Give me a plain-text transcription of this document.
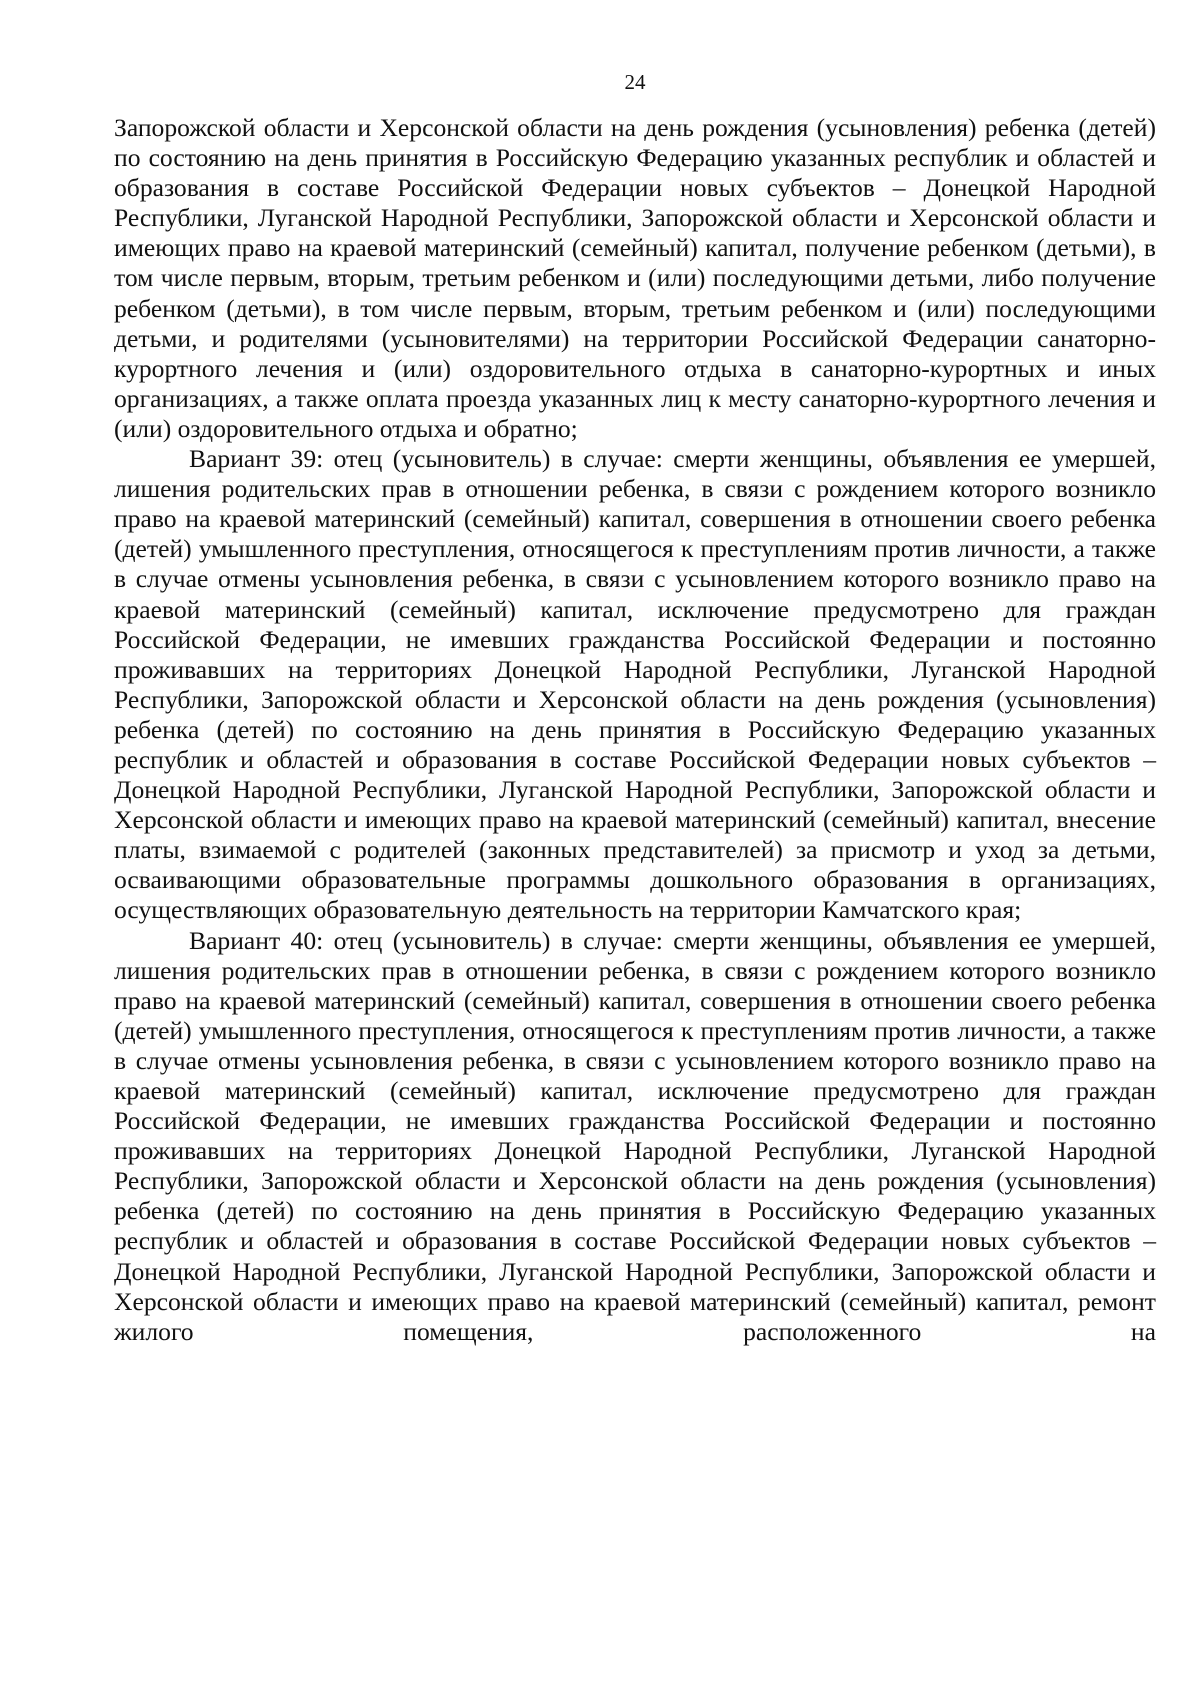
24

Запорожской области и Херсонской области на день рождения (усыновления) ребенка (детей) по состоянию на день принятия в Российскую Федерацию указанных республик и областей и образования в составе Российской Федерации новых субъектов – Донецкой Народной Республики, Луганской Народной Республики, Запорожской области и Херсонской области и имеющих право на краевой материнский (семейный) капитал, получение ребенком (детьми), в том числе первым, вторым, третьим ребенком и (или) последующими детьми, либо получение ребенком (детьми), в том числе первым, вторым, третьим ребенком и (или) последующими детьми, и родителями (усыновителями) на территории Российской Федерации санаторно-курортного лечения и (или) оздоровительного отдыха в санаторно-курортных и иных организациях, а также оплата проезда указанных лиц к месту санаторно-курортного лечения и (или) оздоровительного отдыха и обратно;

Вариант 39: отец (усыновитель) в случае: смерти женщины, объявления ее умершей, лишения родительских прав в отношении ребенка, в связи с рождением которого возникло право на краевой материнский (семейный) капитал, совершения в отношении своего ребенка (детей) умышленного преступления, относящегося к преступлениям против личности, а также в случае отмены усыновления ребенка, в связи с усыновлением которого возникло право на краевой материнский (семейный) капитал, исключение предусмотрено для граждан Российской Федерации, не имевших гражданства Российской Федерации и постоянно проживавших на территориях Донецкой Народной Республики, Луганской Народной Республики, Запорожской области и Херсонской области на день рождения (усыновления) ребенка (детей) по состоянию на день принятия в Российскую Федерацию указанных республик и областей и образования в составе Российской Федерации новых субъектов – Донецкой Народной Республики, Луганской Народной Республики, Запорожской области и Херсонской области и имеющих право на краевой материнский (семейный) капитал, внесение платы, взимаемой с родителей (законных представителей) за присмотр и уход за детьми, осваивающими образовательные программы дошкольного образования в организациях, осуществляющих образовательную деятельность на территории Камчатского края;

Вариант 40: отец (усыновитель) в случае: смерти женщины, объявления ее умершей, лишения родительских прав в отношении ребенка, в связи с рождением которого возникло право на краевой материнский (семейный) капитал, совершения в отношении своего ребенка (детей) умышленного преступления, относящегося к преступлениям против личности, а также в случае отмены усыновления ребенка, в связи с усыновлением которого возникло право на краевой материнский (семейный) капитал, исключение предусмотрено для граждан Российской Федерации, не имевших гражданства Российской Федерации и постоянно проживавших на территориях Донецкой Народной Республики, Луганской Народной Республики, Запорожской области и Херсонской области на день рождения (усыновления) ребенка (детей) по состоянию на день принятия в Российскую Федерацию указанных республик и областей и образования в составе Российской Федерации новых субъектов – Донецкой Народной Республики, Луганской Народной Республики, Запорожской области и Херсонской области и имеющих право на краевой материнский (семейный) капитал, ремонт жилого помещения, расположенного на
